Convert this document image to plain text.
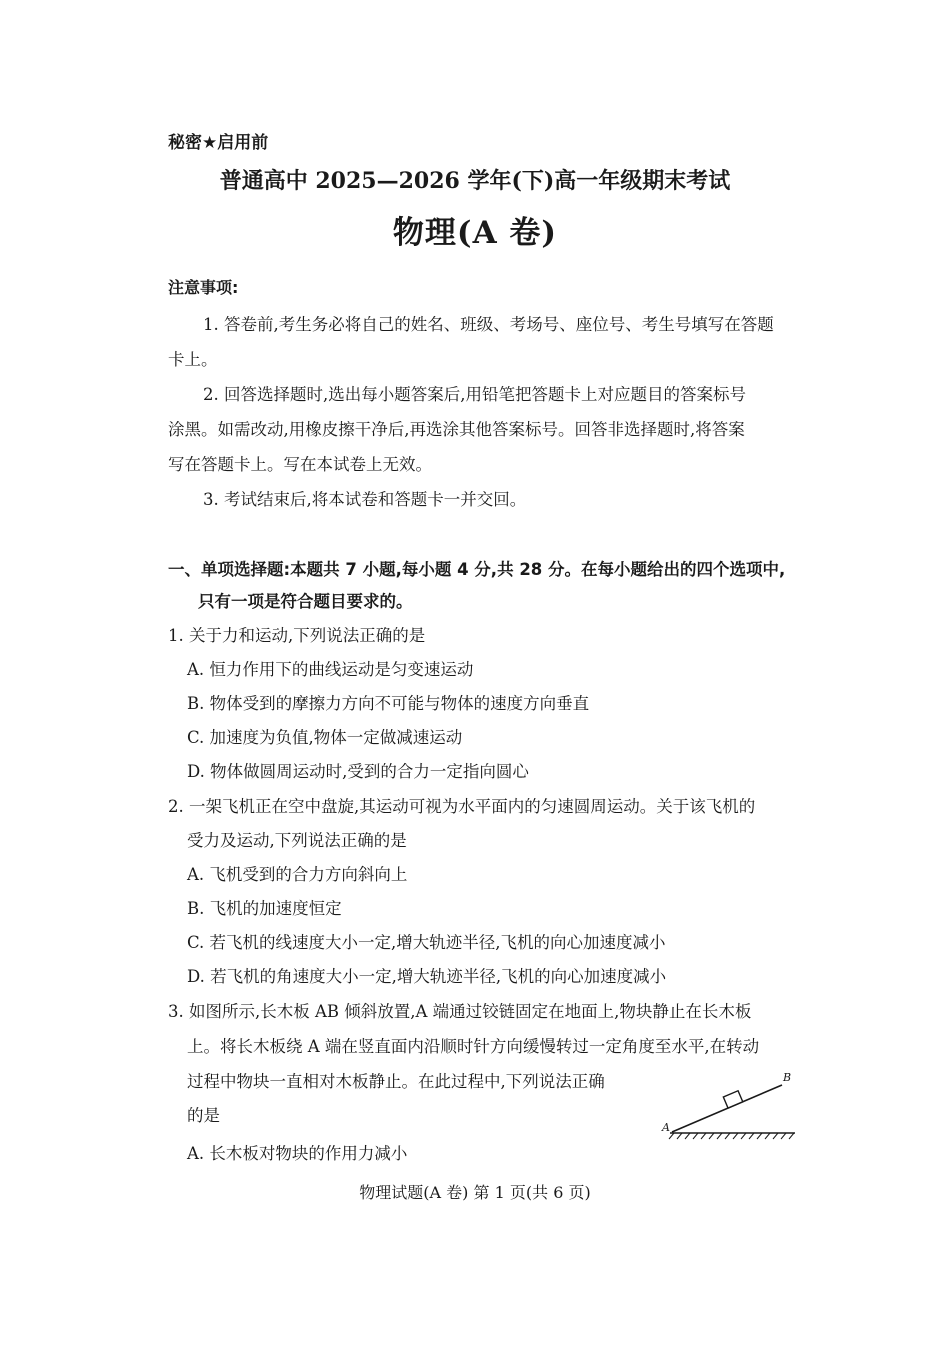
秘密★启用前
普通高中 2025—2026 学年(下)高一年级期末考试
物理(A 卷)
注意事项:
1. 答卷前,考生务必将自己的姓名、班级、考场号、座位号、考生号填写在答题
卡上。
2. 回答选择题时,选出每小题答案后,用铅笔把答题卡上对应题目的答案标号
涂黑。如需改动,用橡皮擦干净后,再选涂其他答案标号。回答非选择题时,将答案
写在答题卡上。写在本试卷上无效。
3. 考试结束后,将本试卷和答题卡一并交回。
一、单项选择题:本题共 7 小题,每小题 4 分,共 28 分。在每小题给出的四个选项中,
只有一项是符合题目要求的。
1. 关于力和运动,下列说法正确的是
A. 恒力作用下的曲线运动是匀变速运动
B. 物体受到的摩擦力方向不可能与物体的速度方向垂直
C. 加速度为负值,物体一定做减速运动
D. 物体做圆周运动时,受到的合力一定指向圆心
2. 一架飞机正在空中盘旋,其运动可视为水平面内的匀速圆周运动。关于该飞机的
受力及运动,下列说法正确的是
A. 飞机受到的合力方向斜向上
B. 飞机的加速度恒定
C. 若飞机的线速度大小一定,增大轨迹半径,飞机的向心加速度减小
D. 若飞机的角速度大小一定,增大轨迹半径,飞机的向心加速度减小
3. 如图所示,长木板 AB 倾斜放置,A 端通过铰链固定在地面上,物块静止在长木板
上。将长木板绕 A 端在竖直面内沿顺时针方向缓慢转过一定角度至水平,在转动
过程中物块一直相对木板静止。在此过程中,下列说法正确
的是
A. 长木板对物块的作用力减小
A
B
物理试题(A 卷) 第 1 页(共 6 页)
